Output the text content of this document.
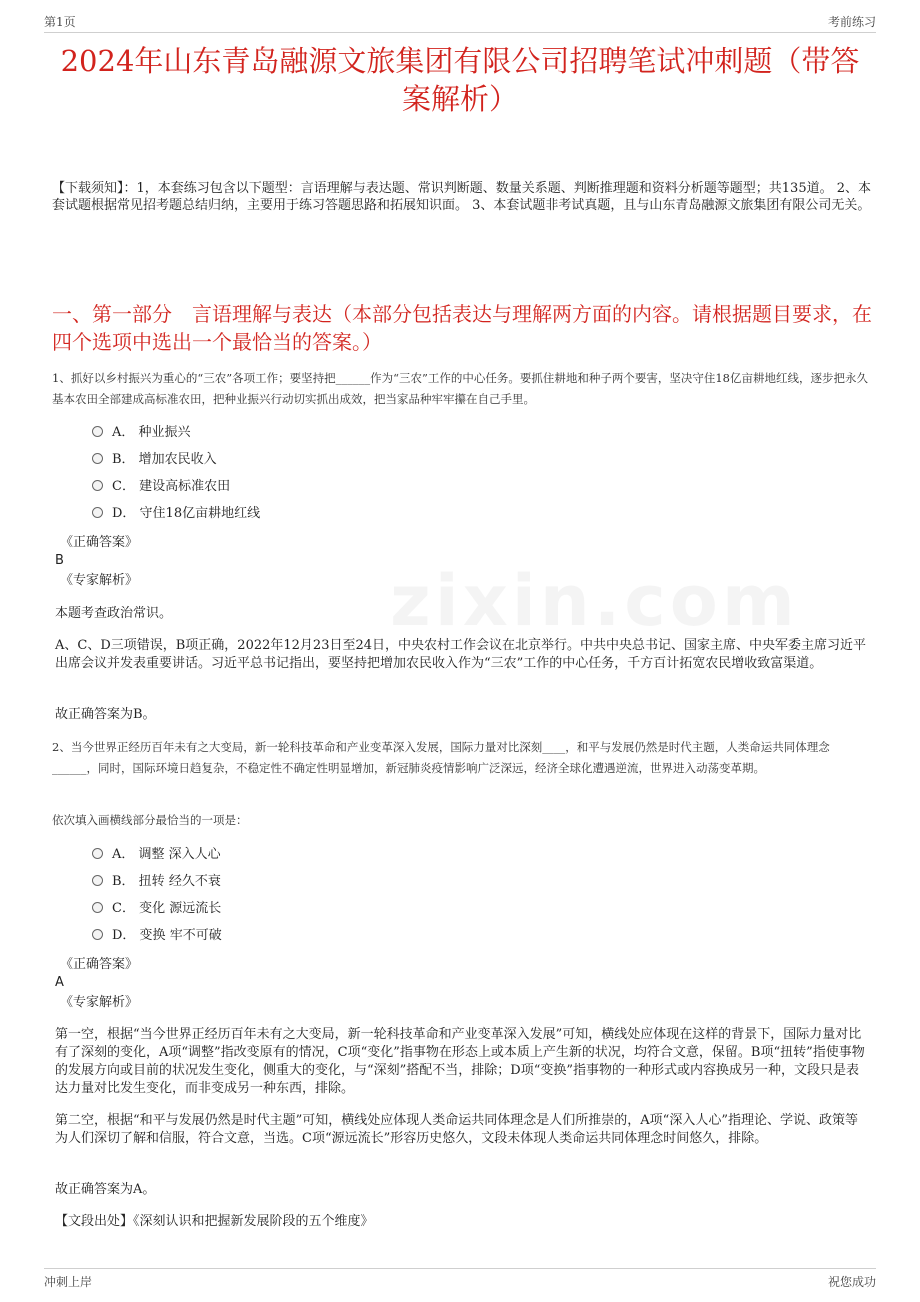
第1页	考前练习
2024年山东青岛融源文旅集团有限公司招聘笔试冲刺题（带答案解析）
【下载须知】：1，本套练习包含以下题型：言语理解与表达题、常识判断题、数量关系题、判断推理题和资料分析题等题型；共135道。 2、本套试题根据常见招考题总结归纳，主要用于练习答题思路和拓展知识面。 3、本套试题非考试真题，且与山东青岛融源文旅集团有限公司无关。
一、第一部分　言语理解与表达（本部分包括表达与理解两方面的内容。请根据题目要求，在四个选项中选出一个最恰当的答案。）
1、抓好以乡村振兴为重心的“三农”各项工作；要坚持把______作为“三农”工作的中心任务。要抓住耕地和种子两个要害，坚决守住18亿亩耕地红线，逐步把永久基本农田全部建成高标准农田，把种业振兴行动切实抓出成效，把当家品种牢牢攥在自己手里。
A． 种业振兴
B． 增加农民收入
C． 建设高标准农田
D． 守住18亿亩耕地红线
《正确答案》
B
《专家解析》
本题考查政治常识。
A、C、D三项错误，B项正确，2022年12月23日至24日，中央农村工作会议在北京举行。中共中央总书记、国家主席、中央军委主席习近平出席会议并发表重要讲话。习近平总书记指出，要坚持把增加农民收入作为“三农”工作的中心任务，千方百计拓宽农民增收致富渠道。
故正确答案为B。
2、当今世界正经历百年未有之大变局，新一轮科技革命和产业变革深入发展，国际力量对比深刻____，和平与发展仍然是时代主题，人类命运共同体理念______，同时，国际环境日趋复杂，不稳定性不确定性明显增加，新冠肺炎疫情影响广泛深远，经济全球化遭遇逆流，世界进入动荡变革期。
依次填入画横线部分最恰当的一项是：
A． 调整 深入人心
B． 扭转 经久不衰
C． 变化 源远流长
D． 变换 牢不可破
《正确答案》
A
《专家解析》
第一空，根据“当今世界正经历百年未有之大变局，新一轮科技革命和产业变革深入发展”可知，横线处应体现在这样的背景下，国际力量对比有了深刻的变化，A项“调整”指改变原有的情况，C项“变化”指事物在形态上或本质上产生新的状况，均符合文意，保留。B项“扭转”指使事物的发展方向或目前的状况发生变化，侧重大的变化，与“深刻”搭配不当，排除；D项“变换”指事物的一种形式或内容换成另一种，文段只是表达力量对比发生变化，而非变成另一种东西，排除。
第二空，根据“和平与发展仍然是时代主题”可知，横线处应体现人类命运共同体理念是人们所推崇的，A项“深入人心”指理论、学说、政策等为人们深切了解和信服，符合文意，当选。C项“源远流长”形容历史悠久，文段未体现人类命运共同体理念时间悠久，排除。
故正确答案为A。
【文段出处】《深刻认识和把握新发展阶段的五个维度》
冲刺上岸	祝您成功
